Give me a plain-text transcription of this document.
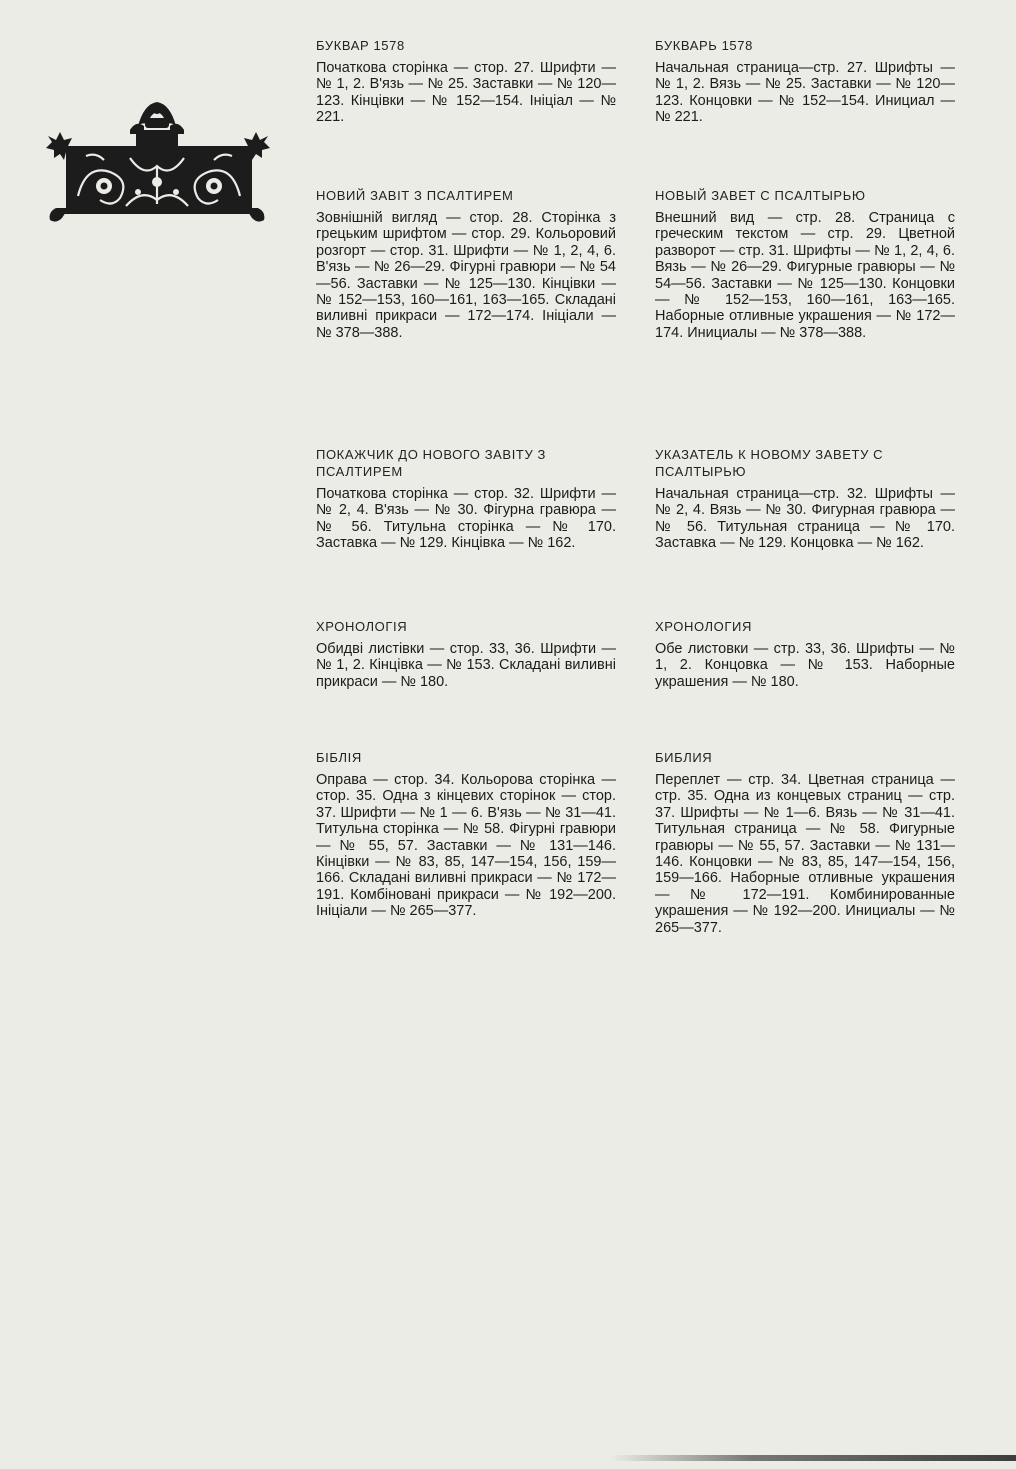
БУКВАР 1578

Початкова сторінка — стор. 27. Шрифти — № 1, 2. В'язь — № 25. Заставки — № 120—123. Кінцівки — № 152—154. Ініціал — № 221.

НОВИЙ ЗАВІТ З ПСАЛТИРЕМ

Зовнішній вигляд — стор. 28. Сторінка з грецьким шрифтом — стор. 29. Кольоровий розгорт — стор. 31. Шрифти — № 1, 2, 4, 6. В'язь — № 26—29. Фігурні гравюри — № 54—56. Заставки — № 125—130. Кінцівки — № 152—153, 160—161, 163—165. Складані виливні прикраси — 172—174. Ініціали — № 378—388.

ПОКАЖЧИК ДО НОВОГО ЗАВІТУ З ПСАЛТИРЕМ

Початкова сторінка — стор. 32. Шрифти — № 2, 4. В'язь — № 30. Фігурна гравюра — № 56. Титульна сторінка — № 170. Заставка — № 129. Кінцівка — № 162.

ХРОНОЛОГІЯ

Обидві листівки — стор. 33, 36. Шрифти — № 1, 2. Кінцівка — № 153. Складані виливні прикраси — № 180.

БІБЛІЯ

Оправа — стор. 34. Кольорова сторінка — стор. 35. Одна з кінцевих сторінок — стор. 37. Шрифти — № 1 — 6. В'язь — № 31—41. Титульна сторінка — № 58. Фігурні гравюри — № 55, 57. Заставки — № 131—146. Кінцівки — № 83, 85, 147—154, 156, 159—166. Складані виливні прикраси — № 172—191. Комбіновані прикраси — № 192—200. Ініціали — № 265—377.

БУКВАРЬ 1578

Начальная страница—стр. 27. Шрифты — № 1, 2. Вязь — № 25. Заставки — № 120—123. Концовки — № 152—154. Инициал — № 221.

НОВЫЙ ЗАВЕТ С ПСАЛТЫРЬЮ

Внешний вид — стр. 28. Страница с греческим текстом — стр. 29. Цветной разворот — стр. 31. Шрифты — № 1, 2, 4, 6. Вязь — № 26—29. Фигурные гравюры — № 54—56. Заставки — № 125—130. Концовки — № 152—153, 160—161, 163—165. Наборные отливные украшения — № 172—174. Инициалы — № 378—388.

УКАЗАТЕЛЬ К НОВОМУ ЗАВЕТУ С ПСАЛТЫРЬЮ

Начальная страница—стр. 32. Шрифты — № 2, 4. Вязь — № 30. Фигурная гравюра — № 56. Титульная страница — № 170. Заставка — № 129. Концовка — № 162.

ХРОНОЛОГИЯ

Обе листовки — стр. 33, 36. Шрифты — № 1, 2. Концовка — № 153. Наборные украшения — № 180.

БИБЛИЯ

Переплет — стр. 34. Цветная страница — стр. 35. Одна из концевых страниц — стр. 37. Шрифты — № 1—6. Вязь — № 31—41. Титульная страница — № 58. Фигурные гравюры — № 55, 57. Заставки — № 131—146. Концовки — № 83, 85, 147—154, 156, 159—166. Наборные отливные украшения — № 172—191. Комбинированные украшения — № 192—200. Инициалы — № 265—377.
